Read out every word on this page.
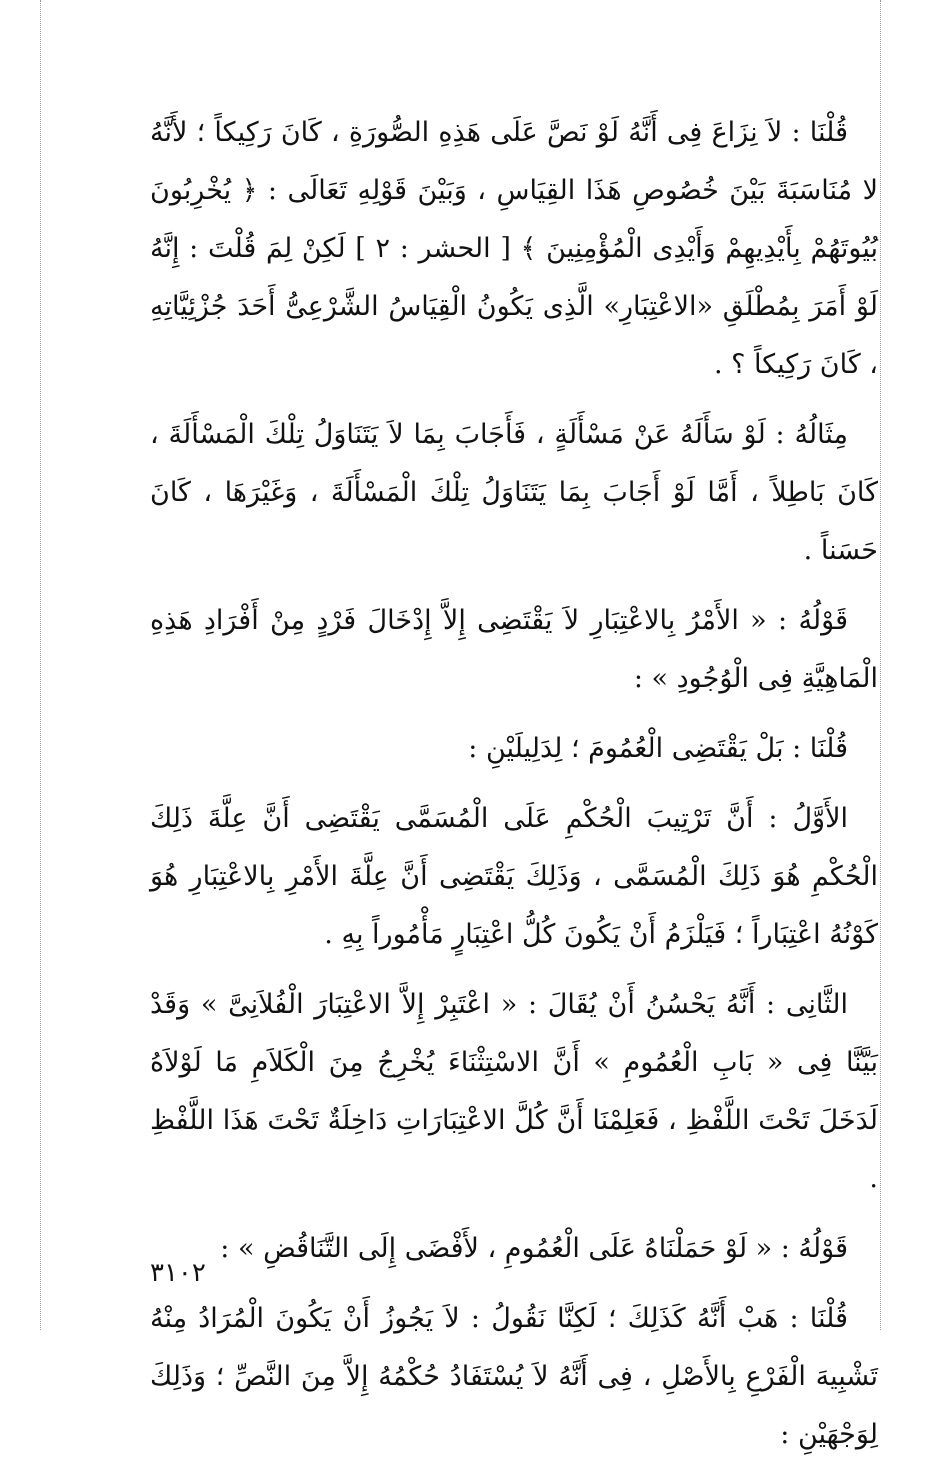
قُلْنَا : لاَ نِزَاعَ فِى أَنَّهُ لَوْ نَصَّ عَلَى هَذِهِ الصُّورَةِ ، كَانَ رَكِيكاً ؛ لأَنَّهُ لا مُنَاسَبَةَ بَيْنَ خُصُوصِ هَذَا القِيَاسِ ، وَبَيْنَ قَوْلِهِ تَعَالَى : ﴿ يُخْرِبُونَ بُيُوتَهُمْ بِأَيْدِيهِمْ وَأَيْدِى الْمُؤْمِنِينَ ﴾ [ الحشر : ٢ ] لَكِنْ لِمَ قُلْتَ : إِنَّهُ لَوْ أَمَرَ بِمُطْلَقِ «الاعْتِبَارِ» الَّذِى يَكُونُ الْقِيَاسُ الشَّرْعِىُّ أَحَدَ جُزْئِيَّاتِهِ ، كَانَ رَكِيكاً ؟ .

مِثَالُهُ : لَوْ سَأَلَهُ عَنْ مَسْأَلَةٍ ، فَأَجَابَ بِمَا لاَ يَتَنَاوَلُ تِلْكَ الْمَسْأَلَةَ ، كَانَ بَاطِلاً ، أَمَّا لَوْ أَجَابَ بِمَا يَتَنَاوَلُ تِلْكَ الْمَسْأَلَةَ ، وَغَيْرَهَا ، كَانَ حَسَناً .

قَوْلُهُ : « الأَمْرُ بِالاعْتِبَارِ لاَ يَقْتَضِى إِلاَّ إِدْخَالَ فَرْدٍ مِنْ أَفْرَادِ هَذِهِ الْمَاهِيَّةِ فِى الْوُجُودِ » :

قُلْنَا : بَلْ يَقْتَضِى الْعُمُومَ ؛ لِدَلِيلَيْنِ :

الأَوَّلُ : أَنَّ تَرْتِيبَ الْحُكْمِ عَلَى الْمُسَمَّى يَقْتَضِى أَنَّ عِلَّةَ ذَلِكَ الْحُكْمِ هُوَ ذَلِكَ الْمُسَمَّى ، وَذَلِكَ يَقْتَضِى أَنَّ عِلَّةَ الأَمْرِ بِالاعْتِبَارِ هُوَ كَوْنُهُ اعْتِبَاراً ؛ فَيَلْزَمُ أَنْ يَكُونَ كُلُّ اعْتِبَارٍ مَأْمُوراً بِهِ .

الثَّانِى : أَنَّهُ يَحْسُنُ أَنْ يُقَالَ : « اعْتَبِرْ إِلاَّ الاعْتِبَارَ الْفُلاَنِىَّ » وَقَدْ بَيَّنَّا فِى « بَابِ الْعُمُومِ » أَنَّ الاسْتِثْنَاءَ يُخْرِجُ مِنَ الْكَلاَمِ مَا لَوْلاَهُ لَدَخَلَ تَحْتَ اللَّفْظِ ، فَعَلِمْنَا أَنَّ كُلَّ الاعْتِبَارَاتِ دَاخِلَةٌ تَحْتَ هَذَا اللَّفْظِ .

قَوْلُهُ : « لَوْ حَمَلْنَاهُ عَلَى الْعُمُومِ ، لأَفْضَى إِلَى التَّنَاقُضِ » :

قُلْنَا : هَبْ أَنَّهُ كَذَلِكَ ؛ لَكِنَّا نَقُولُ : لاَ يَجُوزُ أَنْ يَكُونَ الْمُرَادُ مِنْهُ تَشْبِيهَ الْفَرْعِ بِالأَصْلِ ، فِى أَنَّهُ لاَ يُسْتَفَادُ حُكْمُهُ إِلاَّ مِنَ النَّصِّ ؛ وَذَلِكَ لِوَجْهَيْنِ :

٣١٠٢
